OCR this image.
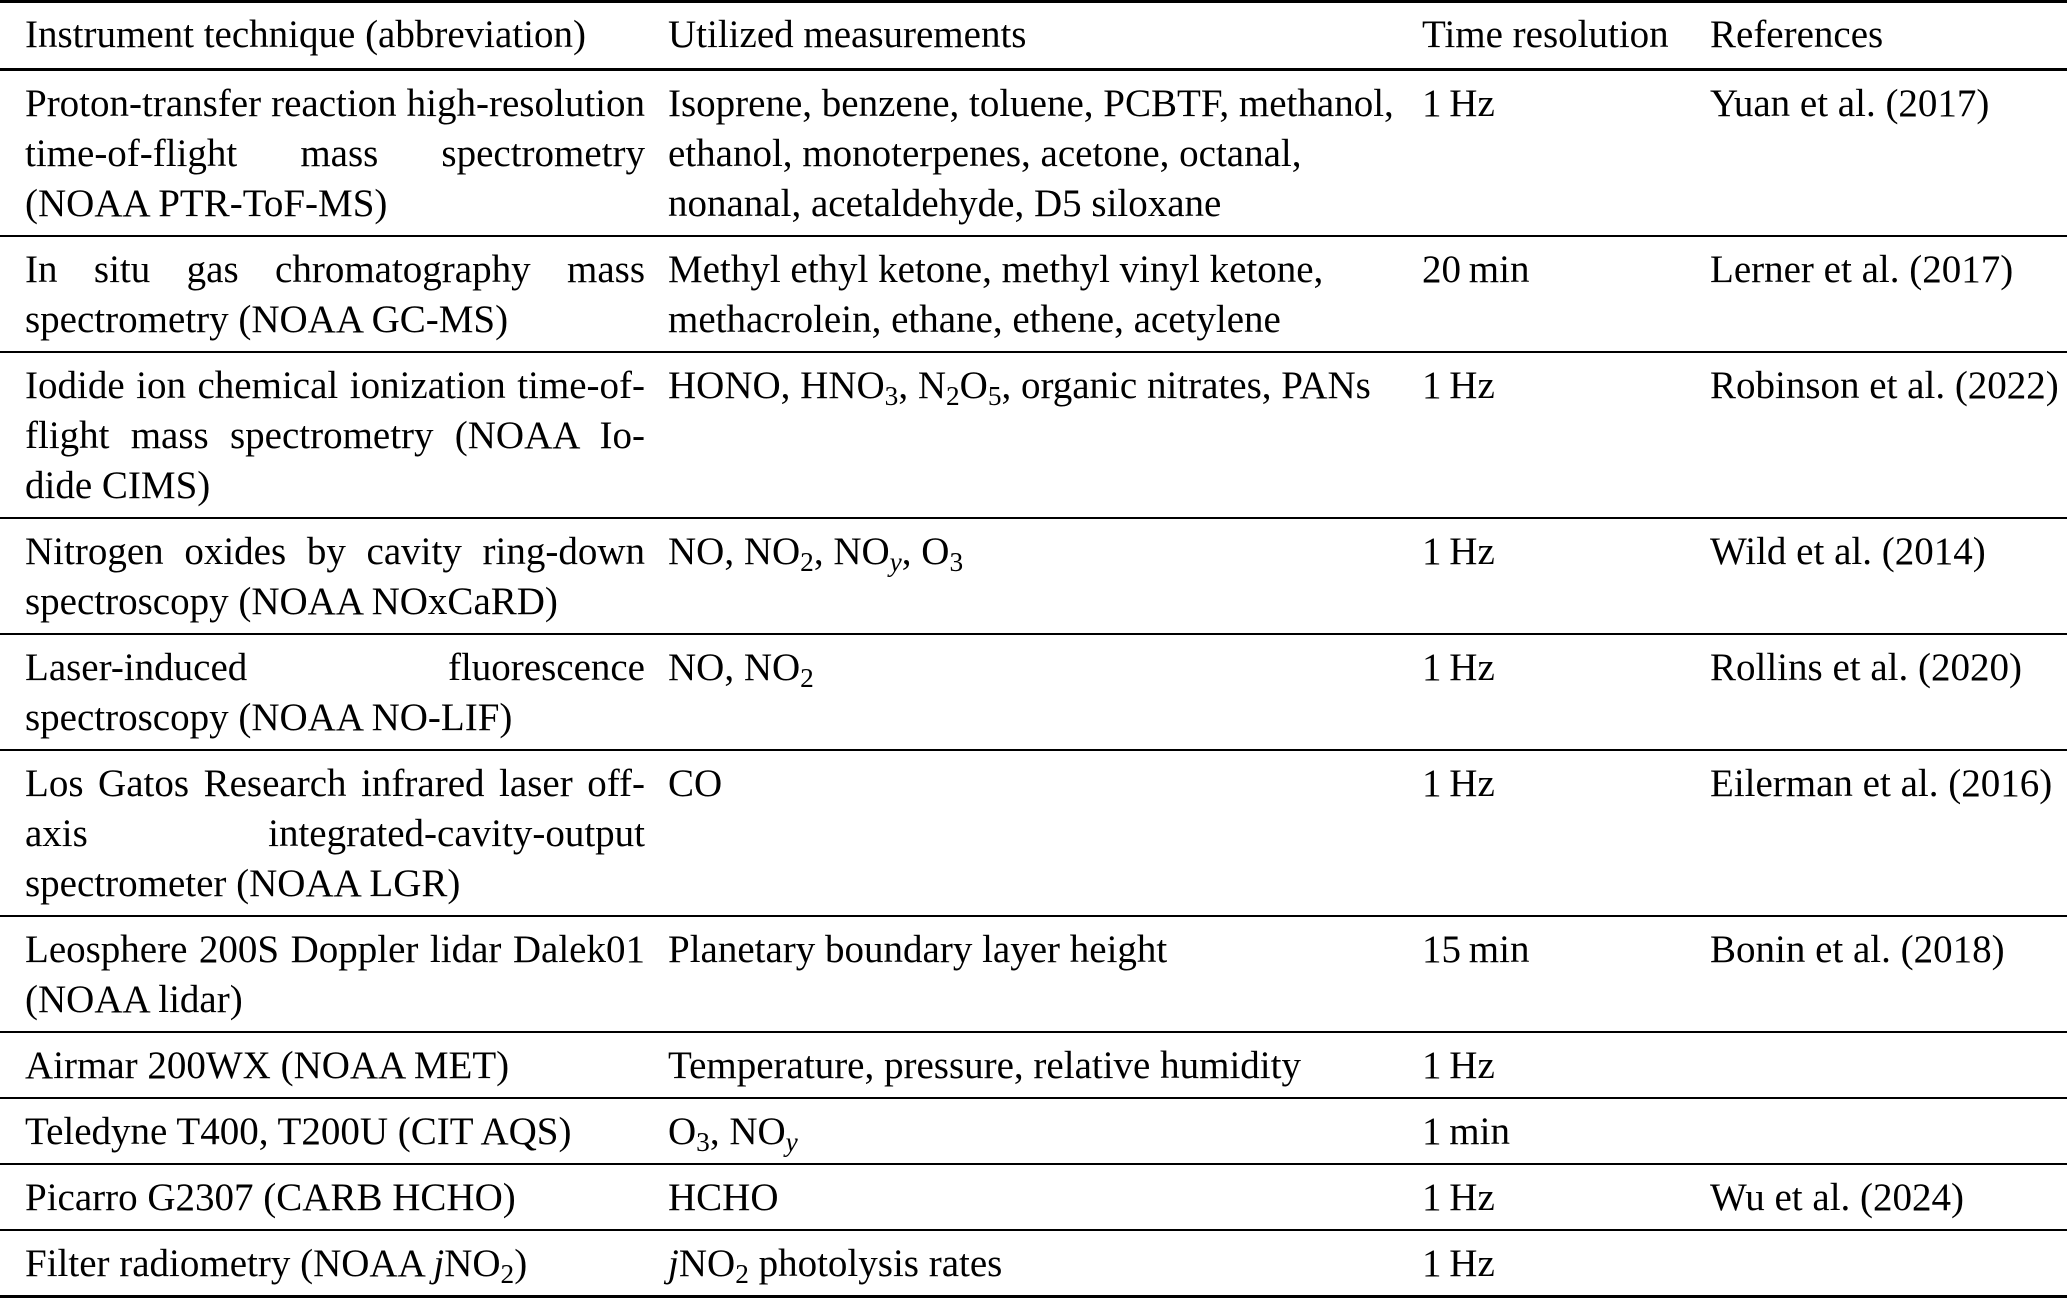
Instrument technique (abbreviation)	Utilized measurements	Time resolution	References
Proton-transfer reaction high-resolution time-of-flight mass spectrometry (NOAA PTR-ToF-MS)	Isoprene, benzene, toluene, PCBTF, methanol, ethanol, monoterpenes, acetone, octanal, nonanal, acetaldehyde, D5 siloxane	1 Hz	Yuan et al. (2017)
In situ gas chromatography mass spectrometry (NOAA GC-MS)	Methyl ethyl ketone, methyl vinyl ketone, methacrolein, ethane, ethene, acetylene	20 min	Lerner et al. (2017)
Iodide ion chemical ionization time-of-flight mass spectrometry (NOAA Iodide CIMS)	HONO, $HNO_3$, $N_2O_5$, organic nitrates, PANs	1 Hz	Robinson et al. (2022)
Nitrogen oxides by cavity ring-down spectroscopy (NOAA NOxCaRD)	NO, $NO_2$, $NO_y$, $O_3$	1 Hz	Wild et al. (2014)
Laser-induced fluorescence spectroscopy (NOAA NO-LIF)	NO, $NO_2$	1 Hz	Rollins et al. (2020)
Los Gatos Research infrared laser off-axis integrated-cavity-output spectrometer (NOAA LGR)	CO	1 Hz	Eilerman et al. (2016)
Leosphere 200S Doppler lidar Dalek01 (NOAA lidar)	Planetary boundary layer height	15 min	Bonin et al. (2018)
Airmar 200WX (NOAA MET)	Temperature, pressure, relative humidity	1 Hz	
Teledyne T400, T200U (CIT AQS)	$O_3$, $NO_y$	1 min	
Picarro G2307 (CARB HCHO)	HCHO	1 Hz	Wu et al. (2024)
Filter radiometry (NOAA jNO$_2$)	jNO$_2$ photolysis rates	1 Hz	
